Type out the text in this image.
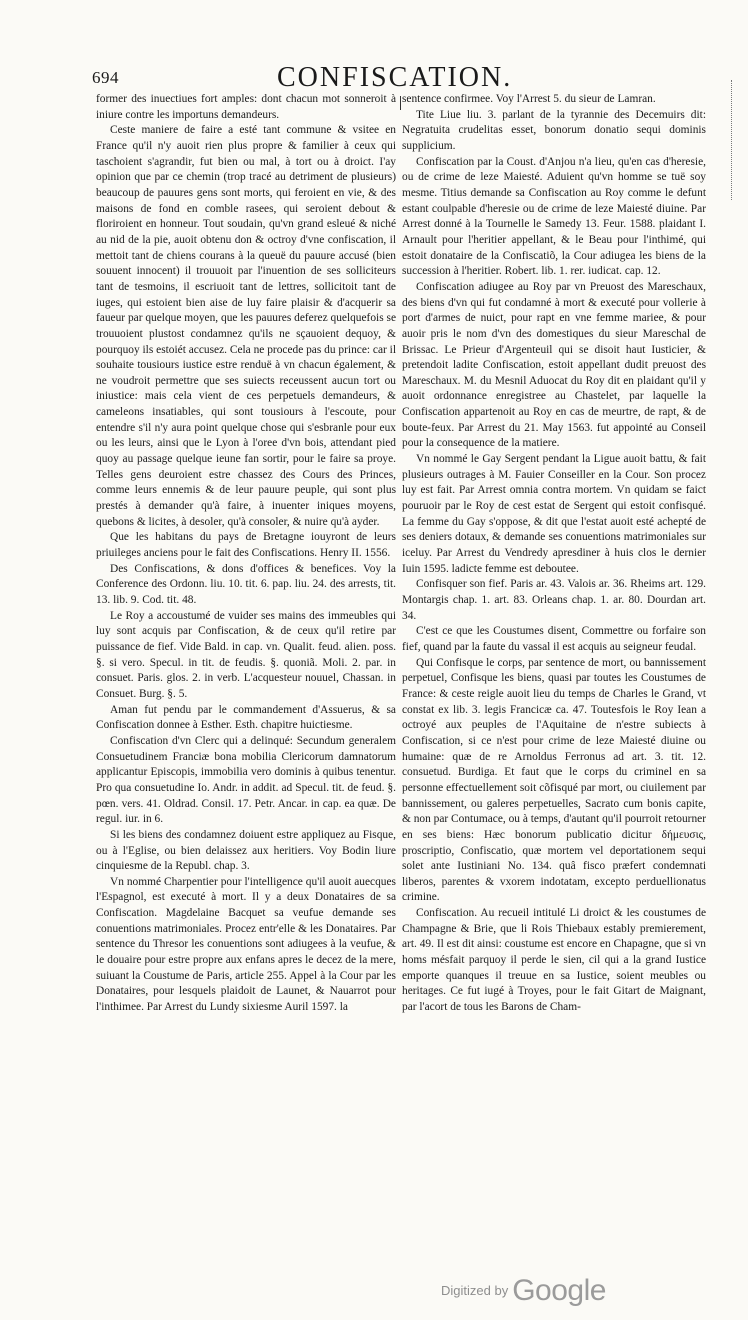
694	CONFISCATION.

former des inuectiues fort amples: dont chacun mot sonneroit à iniure contre les importuns demandeurs.

Ceste maniere de faire a esté tant commune & vsitee en France qu'il n'y auoit rien plus propre & familier à ceux qui taschoient s'agrandir, fut bien ou mal, à tort ou à droict. I'ay opinion que par ce chemin (trop tracé au detriment de plusieurs) beaucoup de pauures gens sont morts, qui feroient en vie, & des maisons de fond en comble rasees, qui seroient debout & floriroient en honneur. Tout soudain, qu'vn grand esleué & niché au nid de la pie, auoit obtenu don & octroy d'vne confiscation, il mettoit tant de chiens courans à la queuë du pauure accusé (bien souuent innocent) il trouuoit par l'inuention de ses solliciteurs tant de tesmoins, il escriuoit tant de lettres, sollicitoit tant de iuges, qui estoient bien aise de luy faire plaisir & d'acquerir sa faueur par quelque moyen, que les pauures deferez quelquefois se trouuoient plustost condamnez qu'ils ne sçauoient dequoy, & pourquoy ils estoiét accusez. Cela ne procede pas du prince: car il souhaite tousiours iustice estre renduë à vn chacun également, & ne voudroit permettre que ses suiects receussent aucun tort ou iniustice: mais cela vient de ces perpetuels demandeurs, & cameleons insatiables, qui sont tousiours à l'escoute, pour entendre s'il n'y aura point quelque chose qui s'esbranle pour eux ou les leurs, ainsi que le Lyon à l'oree d'vn bois, attendant pied quoy au passage quelque ieune fan sortir, pour le faire sa proye. Telles gens deuroient estre chassez des Cours des Princes, comme leurs ennemis & de leur pauure peuple, qui sont plus prestés à demander qu'à faire, à inuenter iniques moyens, quebons & licites, à desoler, qu'à consoler, & nuire qu'à ayder.

Que les habitans du pays de Bretagne iouyront de leurs priuileges anciens pour le fait des Confiscations. Henry II. 1556.

Des Confiscations, & dons d'offices & benefices. Voy la Conference des Ordonn. liu. 10. tit. 6. pap. liu. 24. des arrests, tit. 13. lib. 9. Cod. tit. 48.

Le Roy a accoustumé de vuider ses mains des immeubles qui luy sont acquis par Confiscation, & de ceux qu'il retire par puissance de fief. Vide Bald. in cap. vn. Qualit. feud. alien. poss. §. si vero. Specul. in tit. de feudis. §. quoniã. Moli. 2. par. in consuet. Paris. glos. 2. in verb. L'acquesteur nouuel, Chassan. in Consuet. Burg. §. 5.

Aman fut pendu par le commandement d'Assuerus, & sa Confiscation donnee à Esther. Esth. chapitre huictiesme.

Confiscation d'vn Clerc qui a delinqué: Secundum generalem Consuetudinem Franciæ bona mobilia Clericorum damnatorum applicantur Episcopis, immobilia vero dominis à quibus tenentur. Pro qua consuetudine Io. Andr. in addit. ad Specul. tit. de feud. §. pœn. vers. 41. Oldrad. Consil. 17. Petr. Ancar. in cap. ea quæ. De regul. iur. in 6.

Si les biens des condamnez doiuent estre appliquez au Fisque, ou à l'Eglise, ou bien delaissez aux heritiers. Voy Bodin liure cinquiesme de la Republ. chap. 3.

Vn nommé Charpentier pour l'intelligence qu'il auoit auecques l'Espagnol, est executé à mort. Il y a deux Donataires de sa Confiscation. Magdelaine Bacquet sa veufue demande ses conuentions matrimoniales. Procez entr'elle & les Donataires. Par sentence du Thresor les conuentions sont adiugees à la veufue, & le douaire pour estre propre aux enfans apres le decez de la mere, suiuant la Coustume de Paris, article 255. Appel à la Cour par les Donataires, pour lesquels plaidoit de Launet, & Nauarrot pour l'inthimee. Par Arrest du Lundy sixiesme Auril 1597. la

sentence confirmee. Voy l'Arrest 5. du sieur de Lamran.

Tite Liue liu. 3. parlant de la tyrannie des Decemuirs dit: Negratuita crudelitas esset, bonorum donatio sequi dominis supplicium.

Confiscation par la Coust. d'Anjou n'a lieu, qu'en cas d'heresie, ou de crime de leze Maiesté. Aduient qu'vn homme se tuë soy mesme. Titius demande sa Confiscation au Roy comme le defunt estant coulpable d'heresie ou de crime de leze Maiesté diuine. Par Arrest donné à la Tournelle le Samedy 13. Feur. 1588. plaidant I. Arnault pour l'heritier appellant, & le Beau pour l'inthimé, qui estoit donataire de la Confiscatiõ, la Cour adiugea les biens de la succession à l'heritier. Robert. lib. 1. rer. iudicat. cap. 12.

Confiscation adiugee au Roy par vn Preuost des Mareschaux, des biens d'vn qui fut condamné à mort & executé pour vollerie à port d'armes de nuict, pour rapt en vne femme mariee, & pour auoir pris le nom d'vn des domestiques du sieur Mareschal de Brissac. Le Prieur d'Argenteuil qui se disoit haut Iusticier, & pretendoit ladite Confiscation, estoit appellant dudit preuost des Mareschaux. M. du Mesnil Aduocat du Roy dit en plaidant qu'il y auoit ordonnance enregistree au Chastelet, par laquelle la Confiscation appartenoit au Roy en cas de meurtre, de rapt, & de boute-feux. Par Arrest du 21. May 1563. fut appointé au Conseil pour la consequence de la matiere.

Vn nommé le Gay Sergent pendant la Ligue auoit battu, & fait plusieurs outrages à M. Fauier Conseiller en la Cour. Son procez luy est fait. Par Arrest omnia contra mortem. Vn quidam se faict pouruoir par le Roy de cest estat de Sergent qui estoit confisqué. La femme du Gay s'oppose, & dit que l'estat auoit esté achepté de ses deniers dotaux, & demande ses conuentions matrimoniales sur iceluy. Par Arrest du Vendredy apresdiner à huis clos le dernier Iuin 1595. ladicte femme est deboutee.

Confisquer son fief. Paris ar. 43. Valois ar. 36. Rheims art. 129. Montargis chap. 1. art. 83. Orleans chap. 1. ar. 80. Dourdan art. 34.

C'est ce que les Coustumes disent, Commettre ou forfaire son fief, quand par la faute du vassal il est acquis au seigneur feudal.

Qui Confisque le corps, par sentence de mort, ou bannissement perpetuel, Confisque les biens, quasi par toutes les Coustumes de France: & ceste reigle auoit lieu du temps de Charles le Grand, vt constat ex lib. 3. legis Francicæ ca. 47. Toutesfois le Roy Iean a octroyé aux peuples de l'Aquitaine de n'estre subiects à Confiscation, si ce n'est pour crime de leze Maiesté diuine ou humaine: quæ de re Arnoldus Ferronus ad art. 3. tit. 12. consuetud. Burdiga. Et faut que le corps du criminel en sa personne effectuellement soit cõfisqué par mort, ou ciuilement par bannissement, ou galeres perpetuelles, Sacrato cum bonis capite, & non par Contumace, ou à temps, d'autant qu'il pourroit retourner en ses biens: Hæc bonorum publicatio dicitur δήμευσις, proscriptio, Confiscatio, quæ mortem vel deportationem sequi solet ante Iustiniani No. 134. quâ fisco præfert condemnati liberos, parentes & vxorem indotatam, excepto perduellionatus crimine.

Confiscation. Au recueil intitulé Li droict & les coustumes de Champagne & Brie, que li Rois Thiebaux estably premierement, art. 49. Il est dit ainsi: coustume est encore en Chapagne, que si vn homs mésfait parquoy il perde le sien, cil qui a la grand Iustice emporte quanques il treuue en sa Iustice, soient meubles ou heritages. Ce fut iugé à Troyes, pour le fait Gitart de Maignant, par l'acort de tous les Barons de Cham-

$^{Digitized by}$ Google
